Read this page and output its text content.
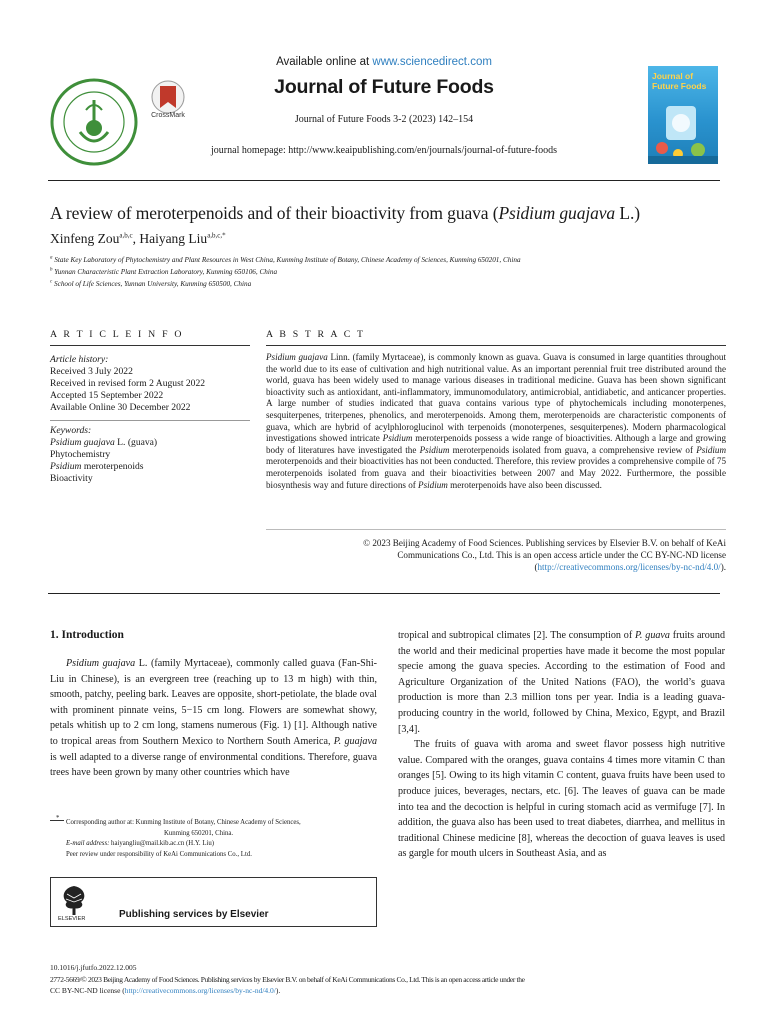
CrossMark
Available online at www.sciencedirect.com
Journal of Future Foods
Journal of Future Foods 3-2 (2023) 142–154
journal homepage: http://www.keaipublishing.com/en/journals/journal-of-future-foods
Journal of
Future Foods
A review of meroterpenoids and of their bioactivity from guava (Psidium guajava L.)
Xinfeng Zou$^{a,b,c}$, Haiyang Liu$^{a,b,c,*}$
$^a$ State Key Laboratory of Phytochemistry and Plant Resources in West China, Kunming Institute of Botany, Chinese Academy of Sciences, Kunming 650201, China
$^b$ Yunnan Characteristic Plant Extraction Laboratory, Kunming 650106, China
$^c$ School of Life Sciences, Yunnan University, Kunming 650500, China
A R T I C L E I N F O
Article history:
Received 3 July 2022
Received in revised form 2 August 2022
Accepted 15 September 2022
Available Online 30 December 2022
Keywords:
Psidium guajava L. (guava)
Phytochemistry
Psidium meroterpenoids
Bioactivity
A B S T R A C T
Psidium guajava Linn. (family Myrtaceae), is commonly known as guava. Guava is consumed in large quantities throughout the world due to its ease of cultivation and high nutritional value. As an important perennial fruit tree distributed around the world, guava has been widely used to manage various diseases in traditional medicine. Guava has been shown significant bioactivity such as antioxidant, anti-inflammatory, immunomodulatory, antimicrobial, antidiabetic, and anticancer properties. A large number of studies indicated that guava contains various type of phytochemicals including monoterpenes, sesquiterpenes, triterpenes, phenolics, and meroterpenoids. Among them, meroterpenoids are characteristic components of guava, which are hybrid of acylphloroglucinol with terpenoids (monoterpenes, sesquiterpenes). Modern pharmacological investigations showed intricate Psidium meroterpenoids possess a wide range of bioactivities. Although a large and growing body of literatures have investigated the Psidium meroterpenoids isolated from guava, a comprehensive review of Psidium meroterpenoids and their bioactivities has not been conducted. Therefore, this review provides a comprehensive compile of 75 meroterpenoids isolated from guava and their bioactivities between 2007 and May 2022. Furthermore, the possible biosynthesis way and future directions of Psidium meroterpenoids have also been discussed.
© 2023 Beijing Academy of Food Sciences. Publishing services by Elsevier B.V. on behalf of KeAi
Communications Co., Ltd. This is an open access article under the CC BY-NC-ND license
(http://creativecommons.org/licenses/by-nc-nd/4.0/).
1. Introduction

Psidium guajava L. (family Myrtaceae), commonly called guava (Fan-Shi-Liu in Chinese), is an evergreen tree (reaching up to 13 m high) with thin, smooth, patchy, peeling bark. Leaves are opposite, short-petiolate, the blade oval with prominent pinnate veins, 5−15 cm long. Flowers are somewhat showy, petals whitish up to 2 cm long, stamens numerous (Fig. 1) [1]. Although native to tropical areas from Southern Mexico to Northern South America, P. guajava is well adapted to a diverse range of environmental conditions. Therefore, guava trees have been grown by many other countries which have

*
Corresponding author at: Kunming Institute of Botany, Chinese Academy of Sciences,
Kunming 650201, China.
E-mail address: haiyangliu@mail.kib.ac.cn (H.Y. Liu)
Peer review under responsibility of KeAi Communications Co., Ltd.
ELSEVIER	Publishing services by Elsevier

tropical and subtropical climates [2]. The consumption of P. guava fruits around the world and their medicinal properties have made it become the most popular specie among the guava species. According to the estimation of Food and Agriculture Organization of the United Nations (FAO), the world’s guava production is more than 2.3 million tons per year. India is a leading guava-producing country in the world, followed by China, Mexico, Egypt, and Brazil [3,4].

The fruits of guava with aroma and sweet flavor possess high nutritive value. Compared with the oranges, guava contains 4 times more vitamin C than oranges [5]. Owing to its high vitamin C content, guava fruits have been used to produce juices, beverages, nectars, etc. [6]. The leaves of guava can be made into tea and the decoction is helpful in curing stomach acid as vermifuge [7]. In addition, the guava also has been used to treat diabetes, diarrhea, and mellitus in traditional Chinese medicine [8], whereas the decoction of guava leaves is used as gargle for mouth ulcers in Southeast Asia, and as

10.1016/j.jfutfo.2022.12.005
2772-5669/© 2023 Beijing Academy of Food Sciences. Publishing services by Elsevier B.V. on behalf of KeAi Communications Co., Ltd. This is an open access article under the
CC BY-NC-ND license (http://creativecommons.org/licenses/by-nc-nd/4.0/).
